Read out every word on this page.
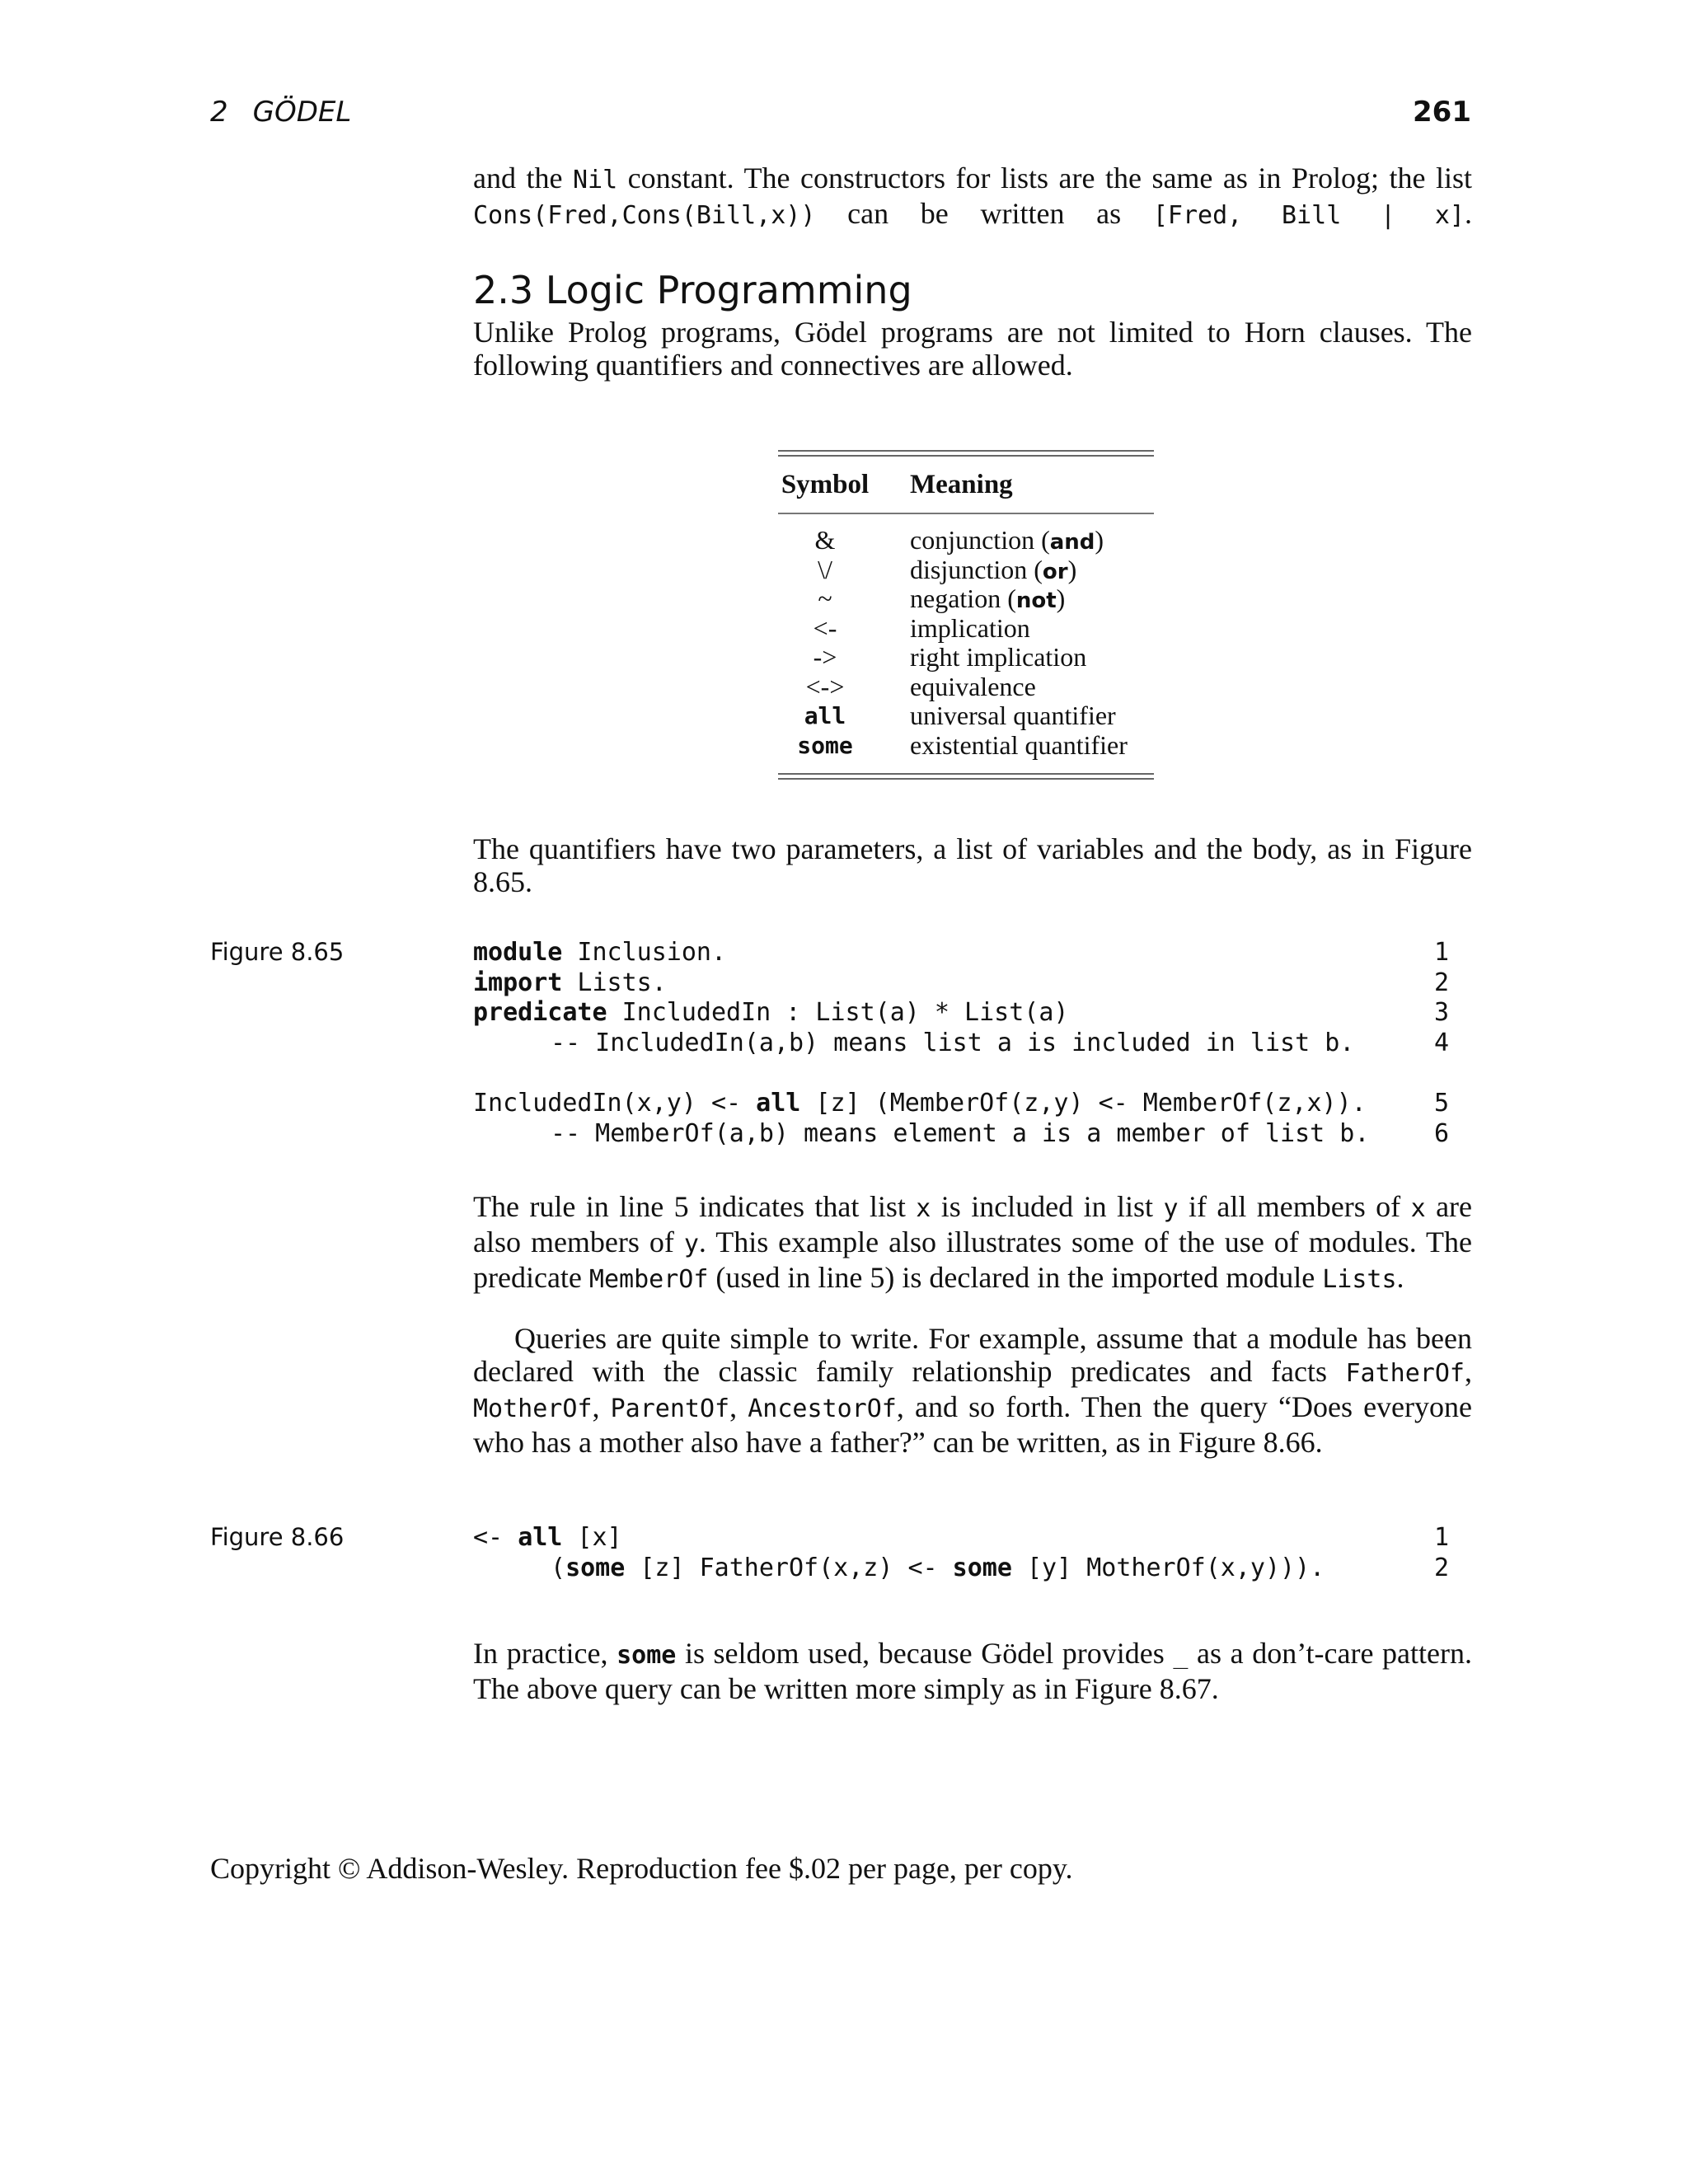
2 GÖDEL	261
and the Nil constant. The constructors for lists are the same as in Prolog; the list Cons(Fred,Cons(Bill,x)) can be written as [Fred, Bill | x].
2.3 Logic Programming
Unlike Prolog programs, Gödel programs are not limited to Horn clauses. The following quantifiers and connectives are allowed.
Symbol	Meaning
&	conjunction (and)
\/	disjunction (or)
~	negation (not)
<-	implication
->	right implication
<->	equivalence
all	universal quantifier
some	existential quantifier
The quantifiers have two parameters, a list of variables and the body, as in Figure 8.65.
Figure 8.65	module Inclusion.	1
import Lists.	2
predicate IncludedIn : List(a) * List(a)	3
-- IncludedIn(a,b) means list a is included in list b.	4
IncludedIn(x,y) <- all [z] (MemberOf(z,y) <- MemberOf(z,x)).	5
-- MemberOf(a,b) means element a is a member of list b.	6
The rule in line 5 indicates that list x is included in list y if all members of x are also members of y. This example also illustrates some of the use of modules. The predicate MemberOf (used in line 5) is declared in the imported module Lists.
Queries are quite simple to write. For example, assume that a module has been declared with the classic family relationship predicates and facts FatherOf, MotherOf, ParentOf, AncestorOf, and so forth. Then the query “Does everyone who has a mother also have a father?” can be written, as in Figure 8.66.
Figure 8.66	<- all [x]	1
(some [z] FatherOf(x,z) <- some [y] MotherOf(x,y))).	2
In practice, some is seldom used, because Gödel provides _ as a don’t-care pattern. The above query can be written more simply as in Figure 8.67.
Copyright © Addison-Wesley. Reproduction fee $.02 per page, per copy.
